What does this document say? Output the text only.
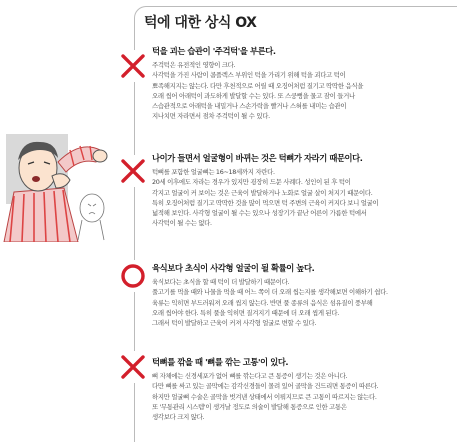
턱에 대한 상식 OX
턱을 괴는 습관이 '주걱턱'을 부른다.

주걱턱은 유전적인 영향이 크다.

사각턱을 가진 사람이 콤플렉스 부위인 턱을 가리기 위해 턱을 괴다고 턱이

뾰족해지지는 않는다. 다만 후천적으로 어릴 때 오징어처럼 질기고 딱딱한 음식을

오래 씹어 아래턱이 과도하게 발달할 수는 있다. 또 스쿵뻥을 물고 잠이 들거나

스습관적으로 아래턱을 내밀거나 스손가락을 빨거나 스혀를 내미는 습관이

지나치면 자라면서 점차 주걱턱이 될 수 있다.

나이가 들면서 얼굴형이 바뀌는 것은 턱뼈가 자라기 때문이다.

턱뼈를 포함한 얼굴뼈는 16~18세까지 자란다.

20세 이후에도 자라는 경우가 있지만 굉장히 드문 사례다. 성인이 된 후 턱이

각지고 얼굴이 커 보이는 것은 근육이 발달하거나 노화로 얼굴 살이 처지기 때문이다.

특히 오징어처럼 질기고 딱딱한 것을 많이 먹으면 턱 주변의 근육이 커지다 보니 얼굴이

넓적해 보인다. 사각형 얼굴이 될 수는 있으나 성장기가 끝난 어른이 가름한 턱에서

사각턱이 될 수는 없다.

육식보다 초식이 사각형 얼굴이 될 확률이 높다.

육식보다는 초식을 할 때 턱이 더 발달하기 때문이다.

풀고기를 먹을 때와 나물을 먹을 때 어느 쪽이 더 오래 씹는지를 생각해보면 이해하기 쉽다.

육류는 익히면 부드러워져 오래 씹지 않는다. 반면 풀 종류의 음식은 섬유질이 풍부해

오래 씹어야 한다. 특히 풀을 익히면 질겨지기 때문에 더 오래 씹게 된다.

그래서 턱이 발달하고 근육이 커져 사각형 얼굴로 변할 수 있다.

턱뼈를 깎을 때 '뼈를 깎는 고통'이 있다.

뼈 자체에는 신경세포가 없어 뼈를 깎는다고 큰 통증이 생기는 것은 아니다.

다만 뼈를 싸고 있는 골막에는 감각신경들이 몰려 있어 골막을 건드리면 통증이 따른다.

하지만 얼굴뼈 수술은 골막을 벗겨낸 상태에서 이뤄지므로 큰 고통이 따르지는 않는다.

또 '무통관리 시스템'이 생겨날 정도로 의술이 발달해 통증으로 인한 고통은

생각보다 크지 않다.
